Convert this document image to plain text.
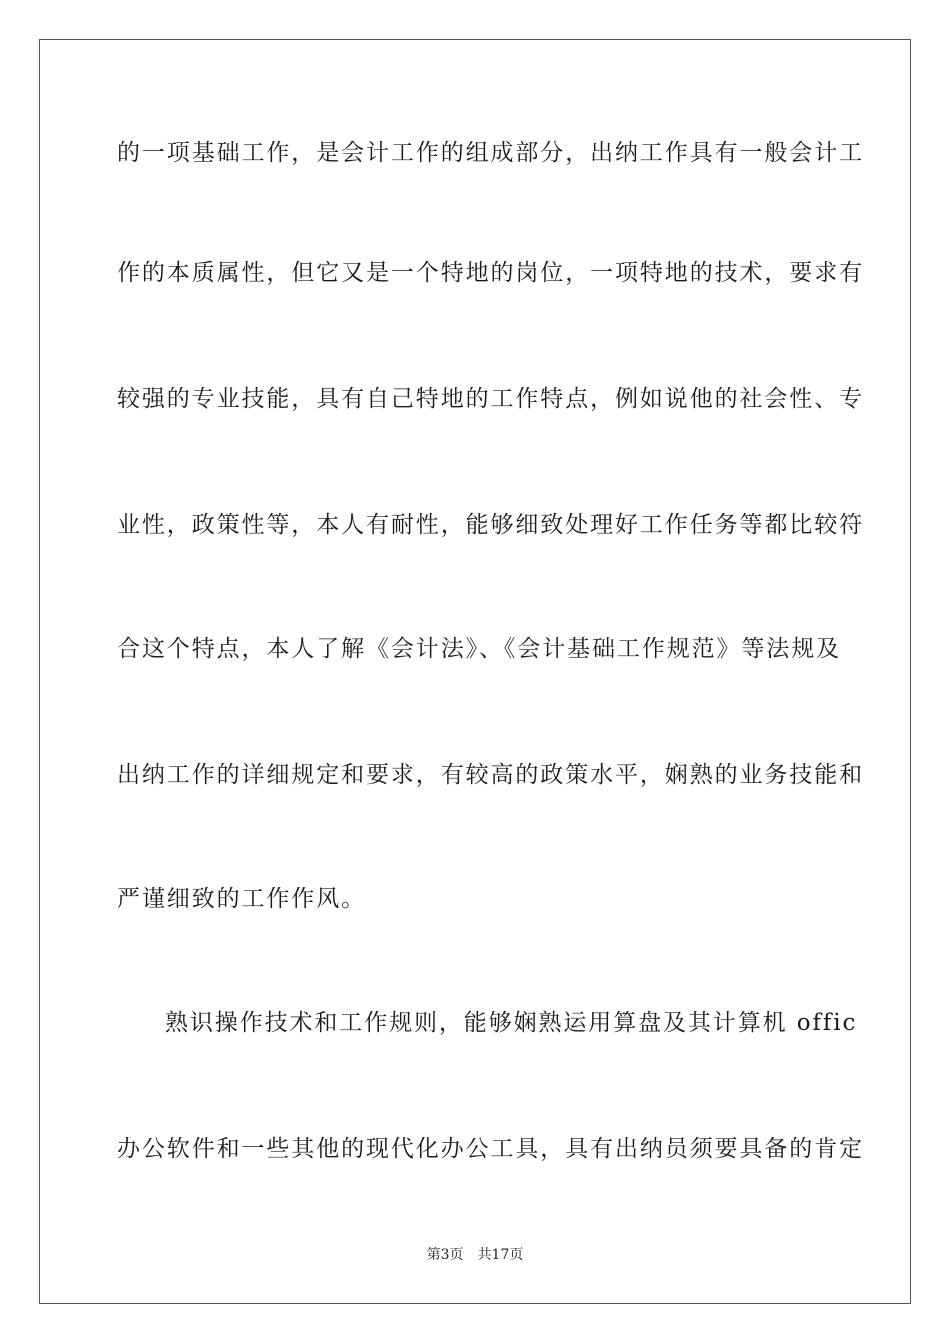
的一项基础工作，是会计工作的组成部分，出纳工作具有一般会计工
作的本质属性，但它又是一个特地的岗位，一项特地的技术，要求有
较强的专业技能，具有自己特地的工作特点，例如说他的社会性、专
业性，政策性等，本人有耐性，能够细致处理好工作任务等都比较符
合这个特点，本人了解《会计法》、《会计基础工作规范》等法规及
出纳工作的详细规定和要求，有较高的政策水平，娴熟的业务技能和
严谨细致的工作作风。
熟识操作技术和工作规则，能够娴熟运用算盘及其计算机 offic
办公软件和一些其他的现代化办公工具，具有出纳员须要具备的肯定
第3页 共17页
